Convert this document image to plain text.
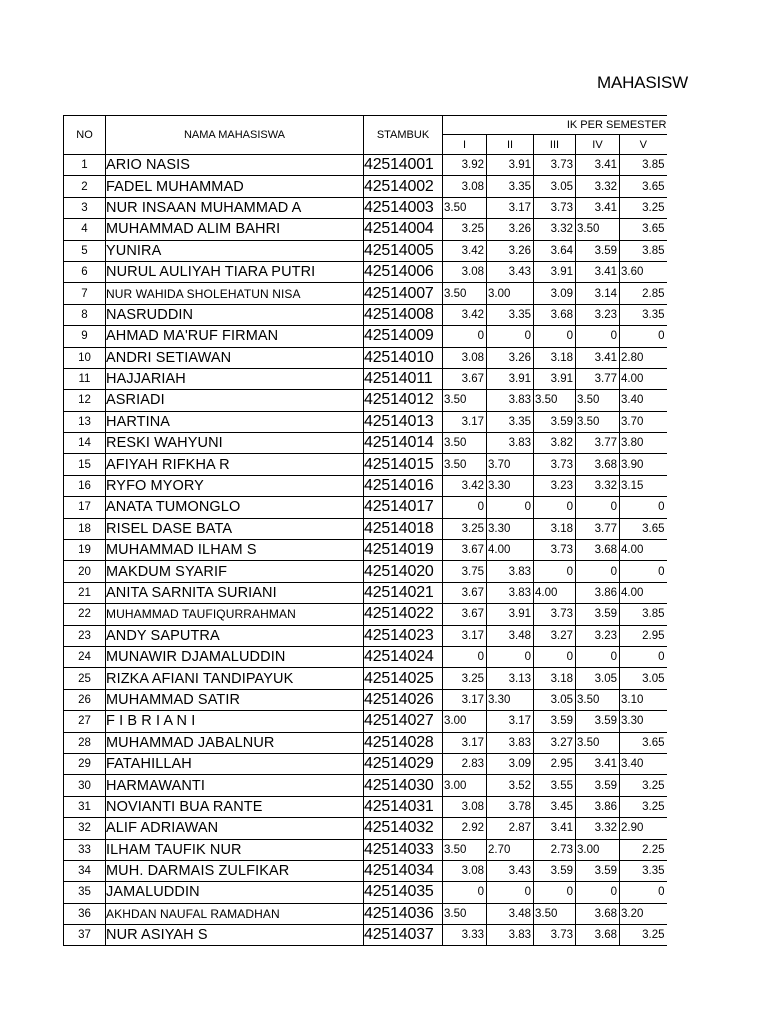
MAHASISW
NO	NAMA MAHASISWA	STAMBUK	IK PER SEMESTER				
			I	II	III	IV	V
1	ARIO NASIS	42514001	3.92	3.91	3.73	3.41	3.85

2	FADEL MUHAMMAD	42514002	3.08	3.35	3.05	3.32	3.65

3	NUR INSAAN MUHAMMAD A	42514003	3.50	3.17	3.73	3.41	3.25

4	MUHAMMAD ALIM BAHRI	42514004	3.25	3.26	3.32	3.50	3.65

5	YUNIRA	42514005	3.42	3.26	3.64	3.59	3.85

6	NURUL AULIYAH TIARA PUTRI	42514006	3.08	3.43	3.91	3.41	3.60

7	NUR WAHIDA SHOLEHATUN NISA	42514007	3.50	3.00	3.09	3.14	2.85

8	NASRUDDIN	42514008	3.42	3.35	3.68	3.23	3.35

9	AHMAD MA'RUF FIRMAN	42514009	0	0	0	0	0

10	ANDRI SETIAWAN	42514010	3.08	3.26	3.18	3.41	2.80

11	HAJJARIAH	42514011	3.67	3.91	3.91	3.77	4.00

12	ASRIADI	42514012	3.50	3.83	3.50	3.50	3.40

13	HARTINA	42514013	3.17	3.35	3.59	3.50	3.70

14	RESKI WAHYUNI	42514014	3.50	3.83	3.82	3.77	3.80

15	AFIYAH RIFKHA R	42514015	3.50	3.70	3.73	3.68	3.90

16	RYFO MYORY	42514016	3.42	3.30	3.23	3.32	3.15

17	ANATA TUMONGLO	42514017	0	0	0	0	0

18	RISEL DASE BATA	42514018	3.25	3.30	3.18	3.77	3.65

19	MUHAMMAD ILHAM S	42514019	3.67	4.00	3.73	3.68	4.00

20	MAKDUM SYARIF	42514020	3.75	3.83	0	0	0

21	ANITA SARNITA SURIANI	42514021	3.67	3.83	4.00	3.86	4.00

22	MUHAMMAD TAUFIQURRAHMAN	42514022	3.67	3.91	3.73	3.59	3.85

23	ANDY SAPUTRA	42514023	3.17	3.48	3.27	3.23	2.95

24	MUNAWIR DJAMALUDDIN	42514024	0	0	0	0	0

25	RIZKA AFIANI TANDIPAYUK	42514025	3.25	3.13	3.18	3.05	3.05

26	MUHAMMAD SATIR	42514026	3.17	3.30	3.05	3.50	3.10

27	F I B R I A N I	42514027	3.00	3.17	3.59	3.59	3.30

28	MUHAMMAD JABALNUR	42514028	3.17	3.83	3.27	3.50	3.65

29	FATAHILLAH	42514029	2.83	3.09	2.95	3.41	3.40

30	HARMAWANTI	42514030	3.00	3.52	3.55	3.59	3.25

31	NOVIANTI BUA RANTE	42514031	3.08	3.78	3.45	3.86	3.25

32	ALIF ADRIAWAN	42514032	2.92	2.87	3.41	3.32	2.90

33	ILHAM TAUFIK NUR	42514033	3.50	2.70	2.73	3.00	2.25

34	MUH. DARMAIS ZULFIKAR	42514034	3.08	3.43	3.59	3.59	3.35

35	JAMALUDDIN	42514035	0	0	0	0	0

36	AKHDAN NAUFAL RAMADHAN	42514036	3.50	3.48	3.50	3.68	3.20

37	NUR ASIYAH S	42514037	3.33	3.83	3.73	3.68	3.25
